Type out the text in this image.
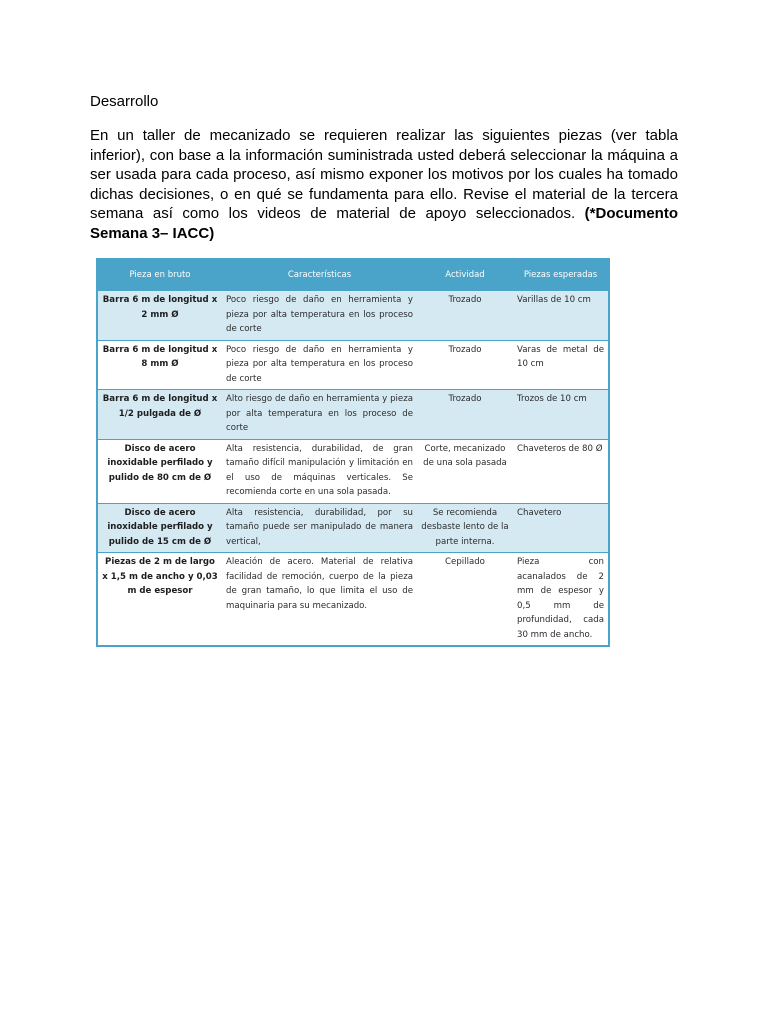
Desarrollo

En un taller de mecanizado se requieren realizar las siguientes piezas (ver tabla inferior), con base a la información suministrada usted deberá seleccionar la máquina a ser usada para cada proceso, así mismo exponer los motivos por los cuales ha tomado dichas decisiones, o en qué se fundamenta para ello. Revise el material de la tercera semana así como los videos de material de apoyo seleccionados. (*Documento Semana 3– IACC)

Pieza en bruto	Características	Actividad	Piezas esperadas
Barra 6 m de longitud x 2 mm Ø	Poco riesgo de daño en herramienta y pieza por alta temperatura en los proceso de corte	Trozado	Varillas de 10 cm
Barra 6 m de longitud x 8 mm Ø	Poco riesgo de daño en herramienta y pieza por alta temperatura en los proceso de corte	Trozado	Varas de metal de 10 cm
Barra 6 m de longitud x 1/2 pulgada de Ø	Alto riesgo de daño en herramienta y pieza por alta temperatura en los proceso de corte	Trozado	Trozos de 10 cm
Disco de acero inoxidable perfilado y pulido de 80 cm de Ø	Alta resistencia, durabilidad, de gran tamaño difícil manipulación y limitación en el uso de máquinas verticales. Se recomienda corte en una sola pasada.	Corte, mecanizado de una sola pasada	Chaveteros de 80 Ø
Disco de acero inoxidable perfilado y pulido de 15 cm de Ø	Alta resistencia, durabilidad, por su tamaño puede ser manipulado de manera vertical,	Se recomienda desbaste lento de la parte interna.	Chavetero
Piezas de 2 m de largo x 1,5 m de ancho y 0,03 m de espesor	Aleación de acero. Material de relativa facilidad de remoción, cuerpo de la pieza de gran tamaño, lo que limita el uso de maquinaria para su mecanizado.	Cepillado	Pieza con acanalados de 2 mm de espesor y 0,5 mm de profundidad, cada 30 mm de ancho.
